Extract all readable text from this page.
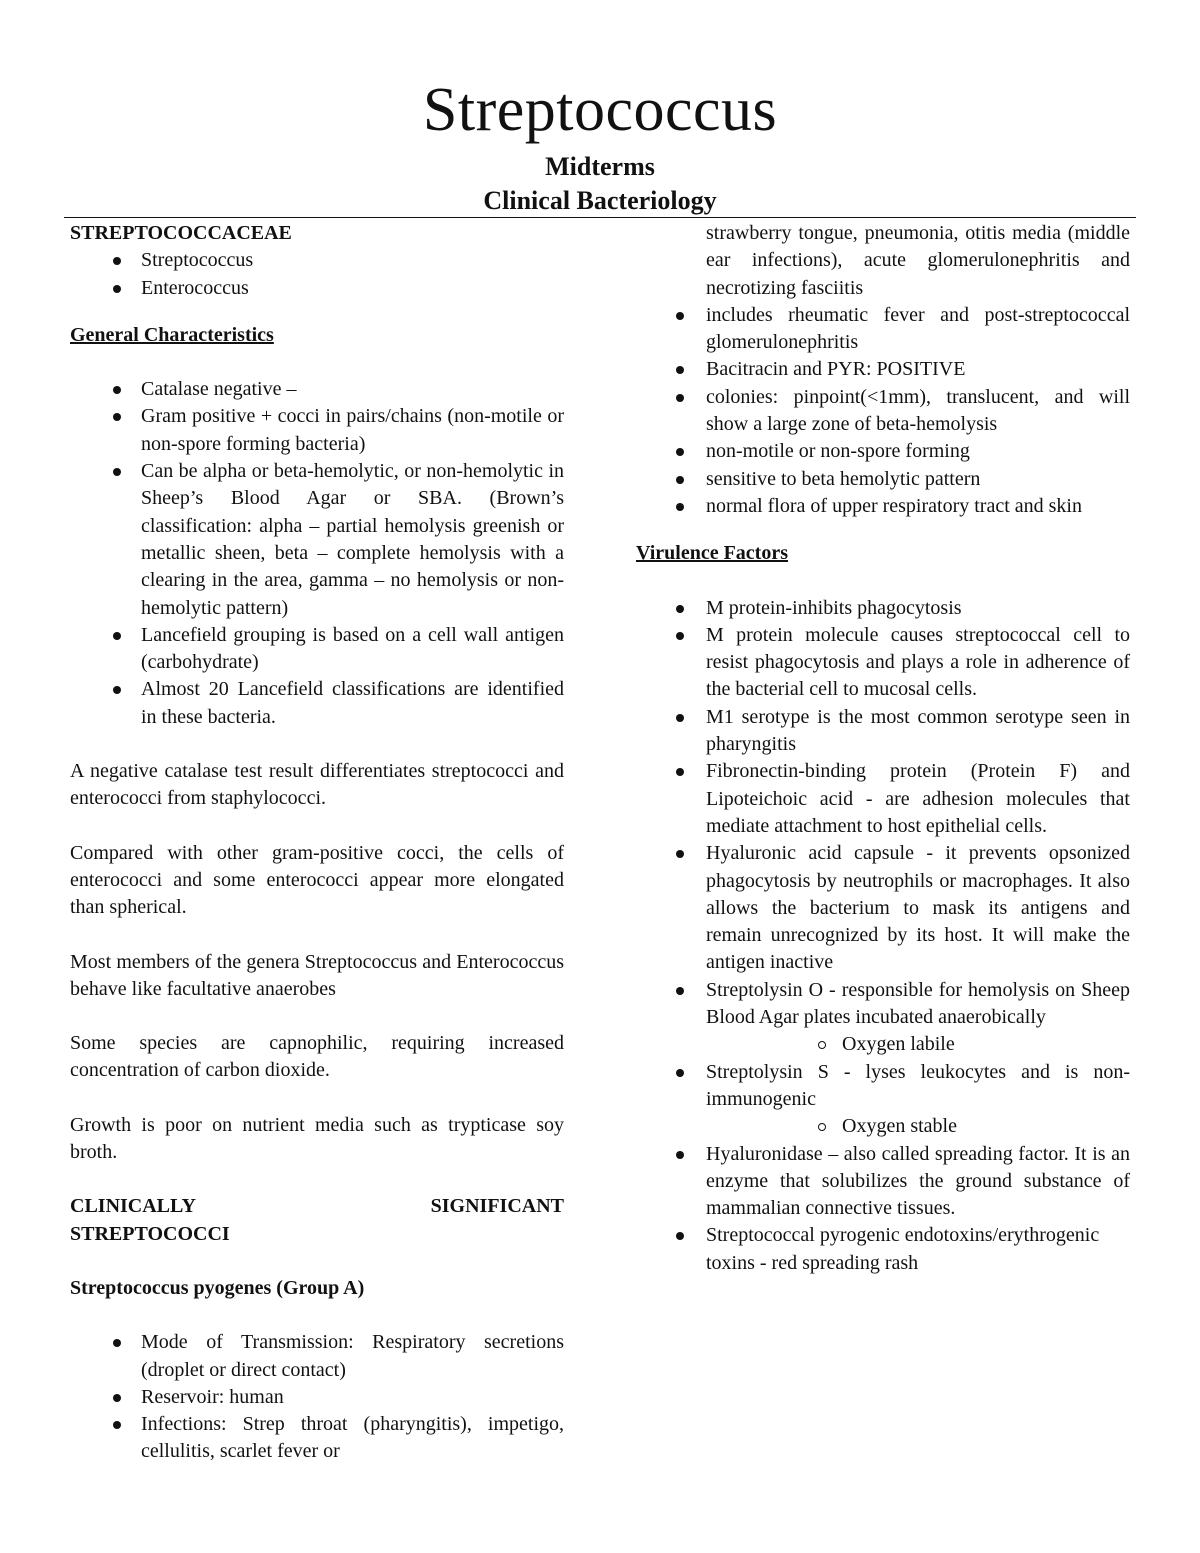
Streptococcus
Midterms
Clinical Bacteriology

STREPTOCOCCACEAE

Streptococcus
Enterococcus

General Characteristics

Catalase negative –
Gram positive + cocci in pairs/chains (non-motile or non-spore forming bacteria)
Can be alpha or beta-hemolytic, or non-hemolytic in Sheep’s Blood Agar or SBA. (Brown’s classification: alpha – partial hemolysis greenish or metallic sheen, beta – complete hemolysis with a clearing in the area, gamma – no hemolysis or non-hemolytic pattern)
Lancefield grouping is based on a cell wall antigen (carbohydrate)
Almost 20 Lancefield classifications are identified in these bacteria.

A negative catalase test result differentiates streptococci and enterococci from staphylococci.

Compared with other gram-positive cocci, the cells of enterococci and some enterococci appear more elongated than spherical.

Most members of the genera Streptococcus and Enterococcus behave like facultative anaerobes

Some species are capnophilic, requiring increased concentration of carbon dioxide.

Growth is poor on nutrient media such as trypticase soy broth.

CLINICALLY	SIGNIFICANT

STREPTOCOCCI

Streptococcus pyogenes (Group A)

Mode of Transmission: Respiratory secretions (droplet or direct contact)
Reservoir: human
Infections: Strep throat (pharyngitis), impetigo, cellulitis, scarlet fever or

strawberry tongue, pneumonia, otitis media (middle ear infections), acute glomerulonephritis and necrotizing fasciitis

includes rheumatic fever and post-streptococcal glomerulonephritis
Bacitracin and PYR: POSITIVE
colonies: pinpoint(<1mm), translucent, and will show a large zone of beta-hemolysis
non-motile or non-spore forming
sensitive to beta hemolytic pattern
normal flora of upper respiratory tract and skin

Virulence Factors

M protein-inhibits phagocytosis
M protein molecule causes streptococcal cell to resist phagocytosis and plays a role in adherence of the bacterial cell to mucosal cells.
M1 serotype is the most common serotype seen in pharyngitis
Fibronectin-binding protein (Protein F) and Lipoteichoic acid - are adhesion molecules that mediate attachment to host epithelial cells.
Hyaluronic acid capsule - it prevents opsonized phagocytosis by neutrophils or macrophages. It also allows the bacterium to mask its antigens and remain unrecognized by its host. It will make the antigen inactive
Streptolysin O - responsible for hemolysis on Sheep Blood Agar plates incubated anaerobically
Oxygen labile
Streptolysin S - lyses leukocytes and is non-immunogenic
Oxygen stable
Hyaluronidase – also called spreading factor. It is an enzyme that solubilizes the ground substance of mammalian connective tissues.
Streptococcal pyrogenic endotoxins/erythrogenic toxins - red spreading rash
